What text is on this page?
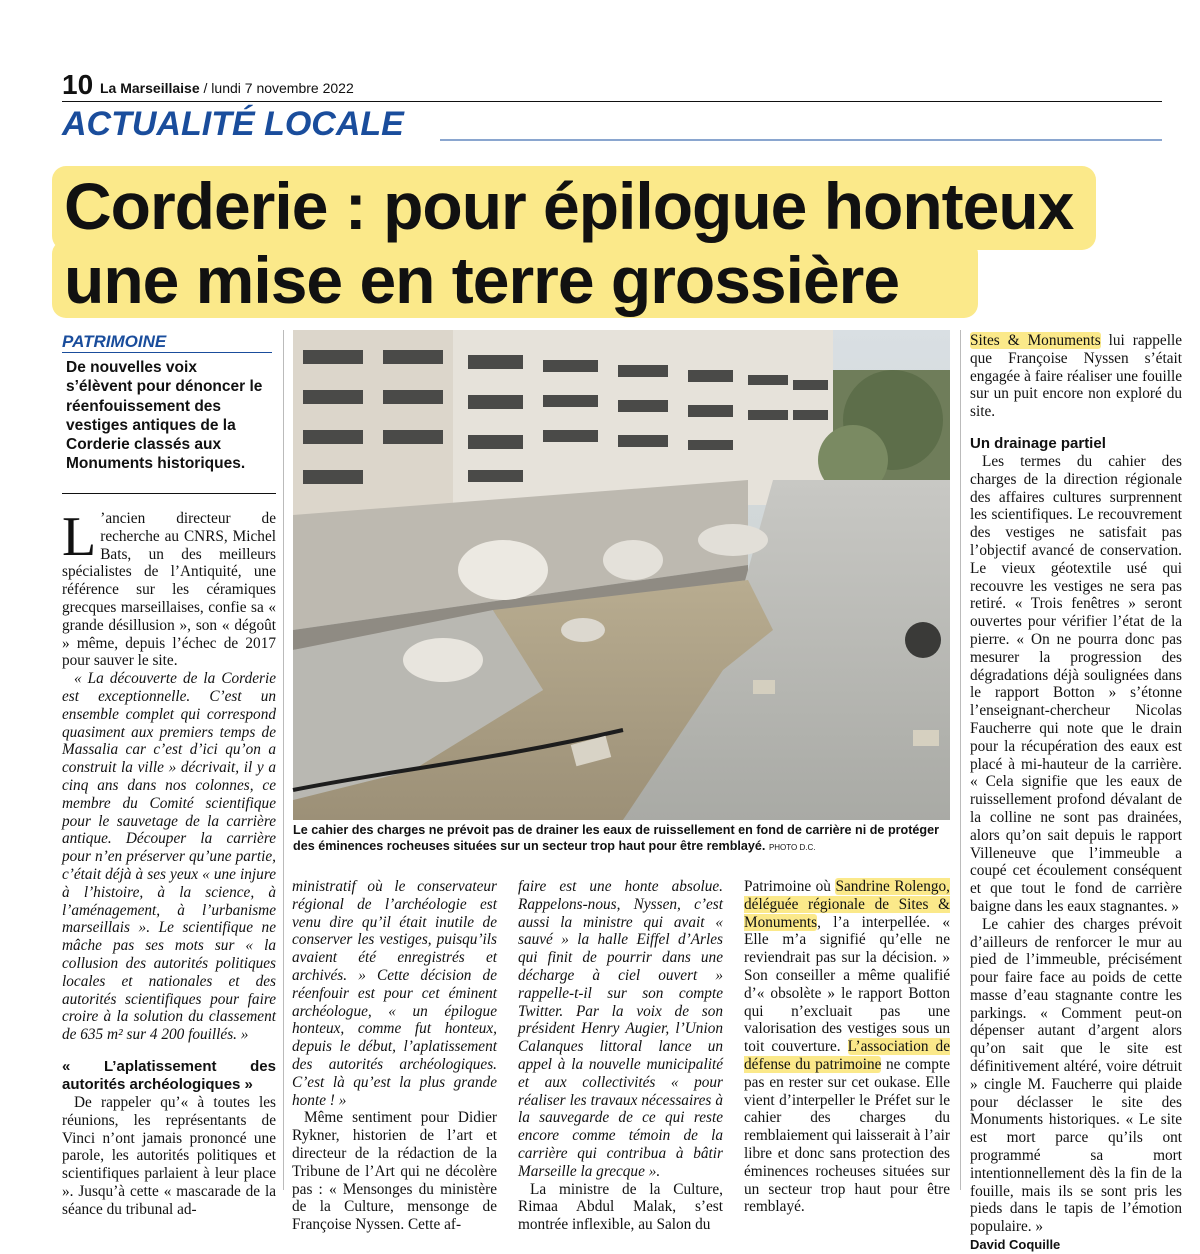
10 La Marseillaise / lundi 7 novembre 2022
ACTUALITÉ LOCALE
Corderie : pour épilogue honteux
une mise en terre grossière
PATRIMOINE
De nouvelles voix s’élèvent pour dénoncer le réenfouissement des vestiges antiques de la Corderie classés aux Monuments historiques.
L ’ancien directeur de recherche au CNRS, Michel Bats, un des meilleurs spécialistes de l’Antiquité, une référence sur les céramiques grecques marseillaises, confie sa « grande désillusion », son « dégoût » même, depuis l’échec de 2017 pour sauver le site.
« La découverte de la Corderie est exceptionnelle. C’est un ensemble complet qui correspond quasiment aux premiers temps de Massalia car c’est d’ici qu’on a construit la ville » décrivait, il y a cinq ans dans nos colonnes, ce membre du Comité scientifique pour le sauvetage de la carrière antique. Découper la carrière pour n’en préserver qu’une partie, c’était déjà à ses yeux « une injure à l’histoire, à la science, à l’aménagement, à l’urbanisme marseillais ». Le scientifique ne mâche pas ses mots sur « la collusion des autorités politiques locales et nationales et des autorités scientifiques pour faire croire à la solution du classement de 635 m² sur 4 200 fouillés. »
« L’aplatissement des autorités archéologiques »
De rappeler qu’« à toutes les réunions, les représentants de Vinci n’ont jamais prononcé une parole, les autorités politiques et scientifiques parlaient à leur place ». Jusqu’à cette « mascarade de la séance du tribunal ad-
Le cahier des charges ne prévoit pas de drainer les eaux de ruissellement en fond de carrière ni de protéger des éminences rocheuses situées sur un secteur trop haut pour être remblayé. PHOTO D.C.
ministratif où le conservateur régional de l’archéologie est venu dire qu’il était inutile de conserver les vestiges, puisqu’ils avaient été enregistrés et archivés. » Cette décision de réenfouir est pour cet éminent archéologue, « un épilogue honteux, comme fut honteux, depuis le début, l’aplatissement des autorités archéologiques. C’est là qu’est la plus grande honte ! »
Même sentiment pour Didier Rykner, historien de l’art et directeur de la rédaction de la Tribune de l’Art qui ne décolère pas : « Mensonges du ministère de la Culture, mensonge de Françoise Nyssen. Cette af-
faire est une honte absolue. Rappelons-nous, Nyssen, c’est aussi la ministre qui avait « sauvé » la halle Eiffel d’Arles qui finit de pourrir dans une décharge à ciel ouvert » rappelle-t-il sur son compte Twitter. Par la voix de son président Henry Augier, l’Union Calanques littoral lance un appel à la nouvelle municipalité et aux collectivités « pour réaliser les travaux nécessaires à la sauvegarde de ce qui reste encore comme témoin de la carrière qui contribua à bâtir Marseille la grecque ».
La ministre de la Culture, Rimaa Abdul Malak, s’est montrée inflexible, au Salon du
Patrimoine où Sandrine Rolengo, déléguée régionale de Sites & Monuments, l’a interpellée. « Elle m’a signifié qu’elle ne reviendrait pas sur la décision. » Son conseiller a même qualifié d’« obsolète » le rapport Botton qui n’excluait pas une valorisation des vestiges sous un toit couverture. L’association de défense du patrimoine ne compte pas en rester sur cet oukase. Elle vient d’interpeller le Préfet sur le cahier des charges du remblaiement qui laisserait à l’air libre et donc sans protection des éminences rocheuses situées sur un secteur trop haut pour être remblayé.
Sites & Monuments lui rappelle que Françoise Nyssen s’était engagée à faire réaliser une fouille sur un puit encore non exploré du site.
Un drainage partiel
Les termes du cahier des charges de la direction régionale des affaires cultures surprennent les scientifiques. Le recouvrement des vestiges ne satisfait pas l’objectif avancé de conservation. Le vieux géotextile usé qui recouvre les vestiges ne sera pas retiré. « Trois fenêtres » seront ouvertes pour vérifier l’état de la pierre. « On ne pourra donc pas mesurer la progression des dégradations déjà soulignées dans le rapport Botton » s’étonne l’enseignant-chercheur Nicolas Faucherre qui note que le drain pour la récupération des eaux est placé à mi-hauteur de la carrière. « Cela signifie que les eaux de ruissellement profond dévalant de la colline ne sont pas drainées, alors qu’on sait depuis le rapport Villeneuve que l’immeuble a coupé cet écoulement conséquent et que tout le fond de carrière baigne dans les eaux stagnantes. »
Le cahier des charges prévoit d’ailleurs de renforcer le mur au pied de l’immeuble, précisément pour faire face au poids de cette masse d’eau stagnante contre les parkings. « Comment peut-on dépenser autant d’argent alors qu’on sait que le site est définitivement altéré, voire détruit » cingle M. Faucherre qui plaide pour déclasser le site des Monuments historiques. « Le site est mort parce qu’ils ont programmé sa mort intentionnellement dès la fin de la fouille, mais ils se sont pris les pieds dans le tapis de l’émotion populaire. »
David Coquille
